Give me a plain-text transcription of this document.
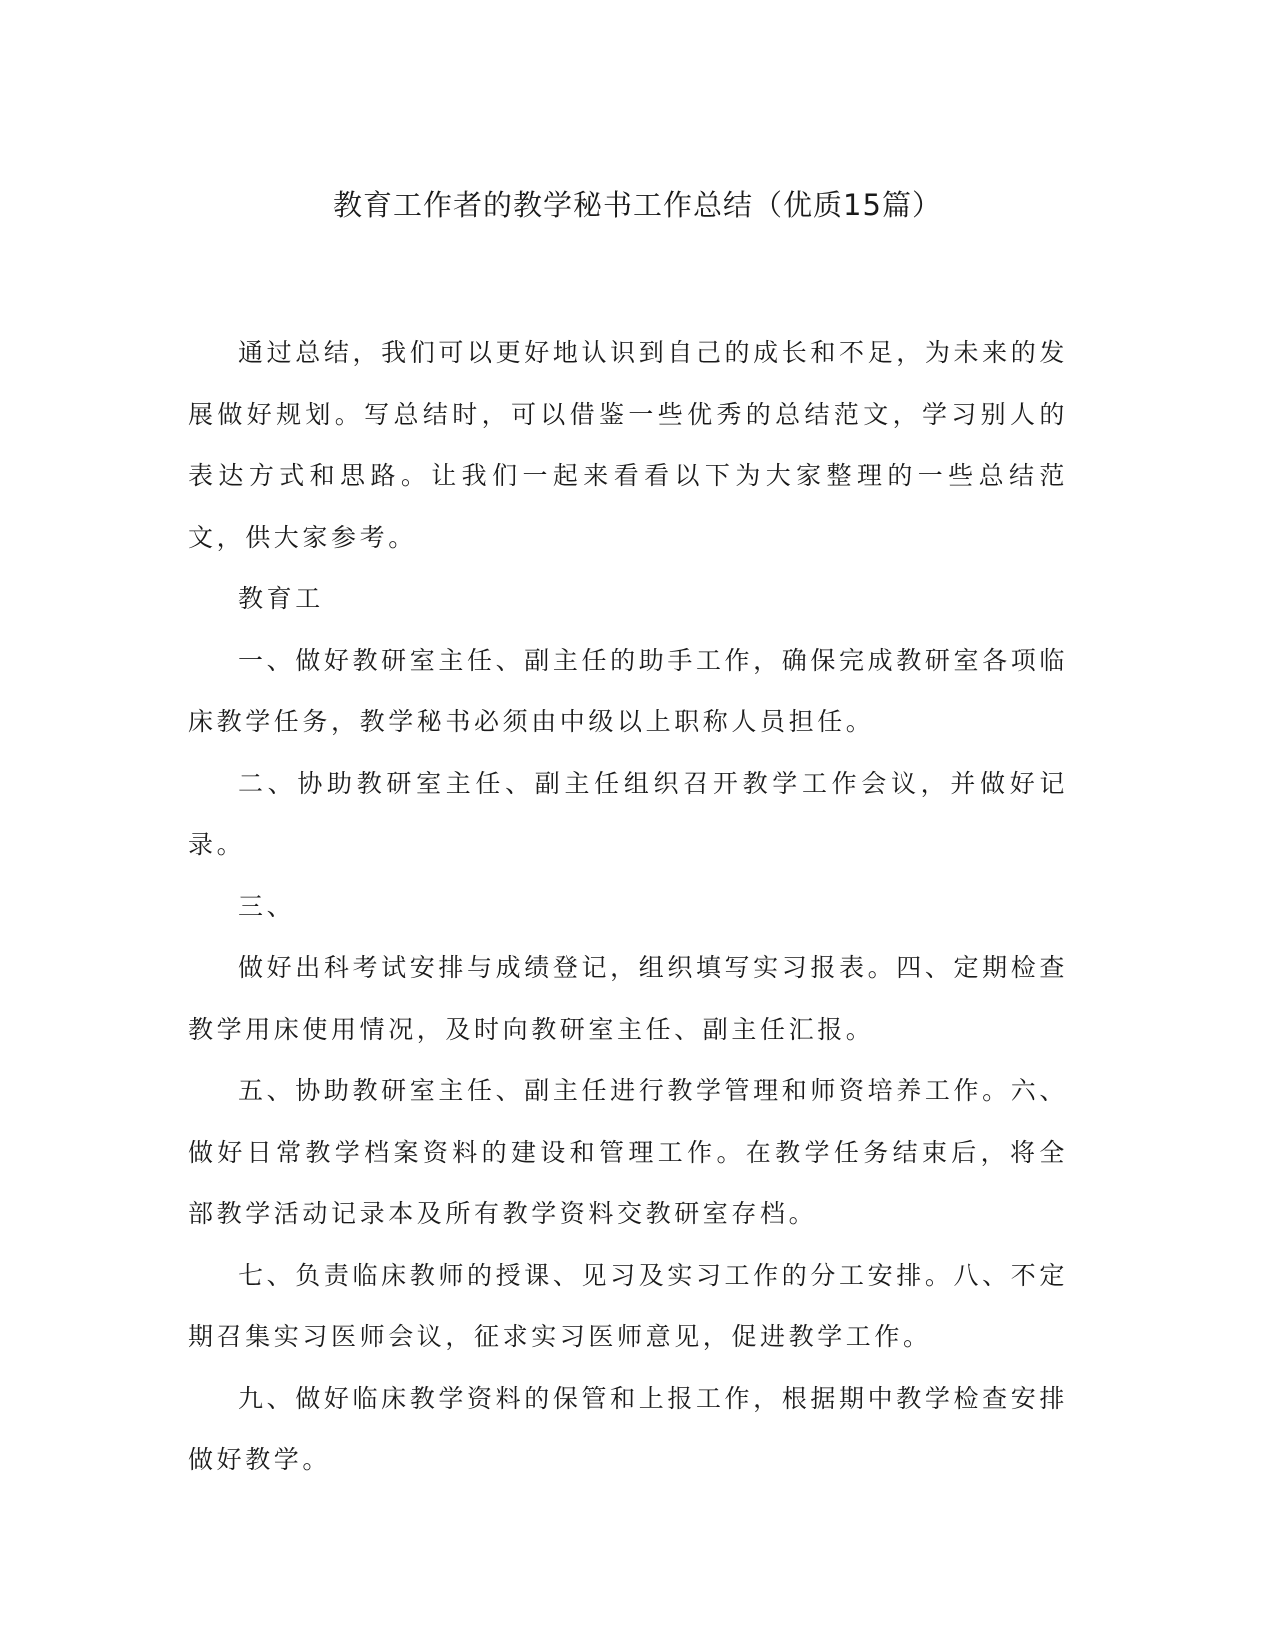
教育工作者的教学秘书工作总结（优质15篇）

通过总结，我们可以更好地认识到自己的成长和不足，为未来的发展做好规划。写总结时，可以借鉴一些优秀的总结范文，学习别人的表达方式和思路。让我们一起来看看以下为大家整理的一些总结范文，供大家参考。

教育工

一、做好教研室主任、副主任的助手工作，确保完成教研室各项临床教学任务，教学秘书必须由中级以上职称人员担任。

二、协助教研室主任、副主任组织召开教学工作会议，并做好记录。

三、

做好出科考试安排与成绩登记，组织填写实习报表。四、定期检查教学用床使用情况，及时向教研室主任、副主任汇报。

五、协助教研室主任、副主任进行教学管理和师资培养工作。六、做好日常教学档案资料的建设和管理工作。在教学任务结束后，将全部教学活动记录本及所有教学资料交教研室存档。

七、负责临床教师的授课、见习及实习工作的分工安排。八、不定期召集实习医师会议，征求实习医师意见，促进教学工作。

九、做好临床教学资料的保管和上报工作，根据期中教学检查安排做好教学。
